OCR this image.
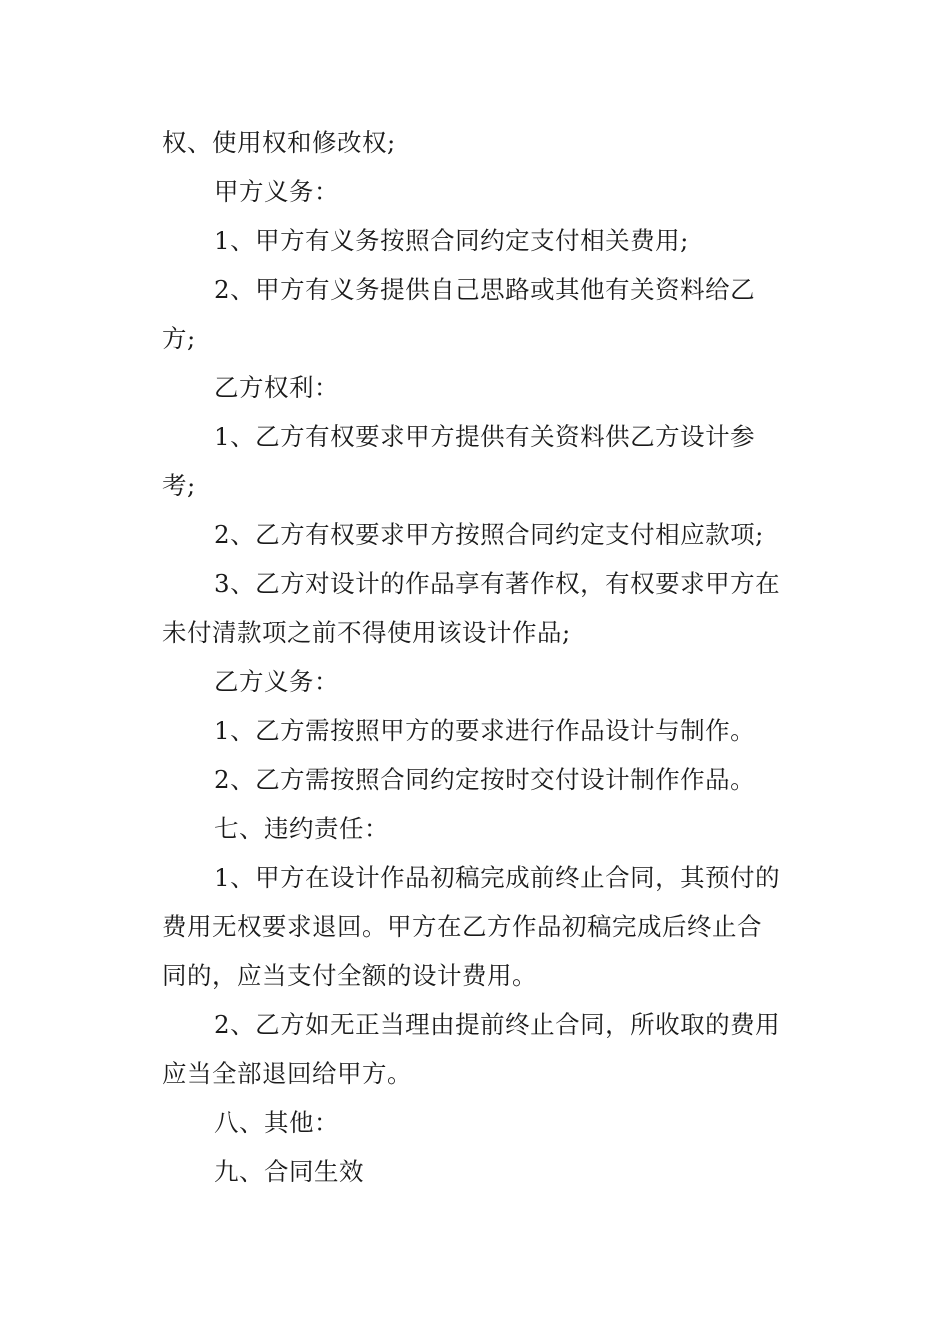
权、使用权和修改权;
甲方义务：
1、甲方有义务按照合同约定支付相关费用;
2、甲方有义务提供自己思路或其他有关资料给乙
方;
乙方权利：
1、乙方有权要求甲方提供有关资料供乙方设计参
考;
2、乙方有权要求甲方按照合同约定支付相应款项;
3、乙方对设计的作品享有著作权，有权要求甲方在
未付清款项之前不得使用该设计作品;
乙方义务：
1、乙方需按照甲方的要求进行作品设计与制作。
2、乙方需按照合同约定按时交付设计制作作品。
七、违约责任：
1、甲方在设计作品初稿完成前终止合同，其预付的
费用无权要求退回。甲方在乙方作品初稿完成后终止合
同的，应当支付全额的设计费用。
2、乙方如无正当理由提前终止合同，所收取的费用
应当全部退回给甲方。
八、其他：
九、合同生效
